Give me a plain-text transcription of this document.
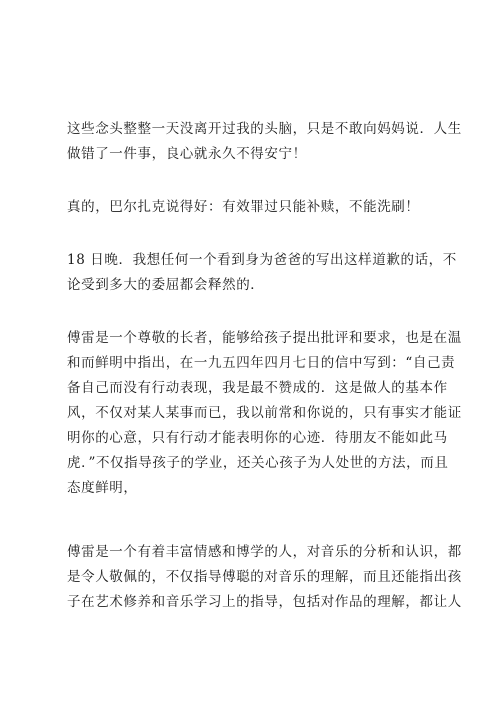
这些念头整整一天没离开过我的头脑，只是不敢向妈妈说．人生
做错了一件事，良心就永久不得安宁！

真的，巴尔扎克说得好：有效罪过只能补赎，不能洗刷！

18 日晚．我想任何一个看到身为爸爸的写出这样道歉的话，不
论受到多大的委屈都会释然的．

傅雷是一个尊敬的长者，能够给孩子提出批评和要求，也是在温
和而鲜明中指出，在一九五四年四月七日的信中写到：“自己责
备自己而没有行动表现，我是最不赞成的．这是做人的基本作
风，不仅对某人某事而已，我以前常和你说的，只有事实才能证
明你的心意，只有行动才能表明你的心迹．待朋友不能如此马
虎．”不仅指导孩子的学业，还关心孩子为人处世的方法，而且
态度鲜明，

傅雷是一个有着丰富情感和博学的人，对音乐的分析和认识，都
是令人敬佩的，不仅指导傅聪的对音乐的理解，而且还能指出孩
子在艺术修养和音乐学习上的指导，包括对作品的理解，都让人
